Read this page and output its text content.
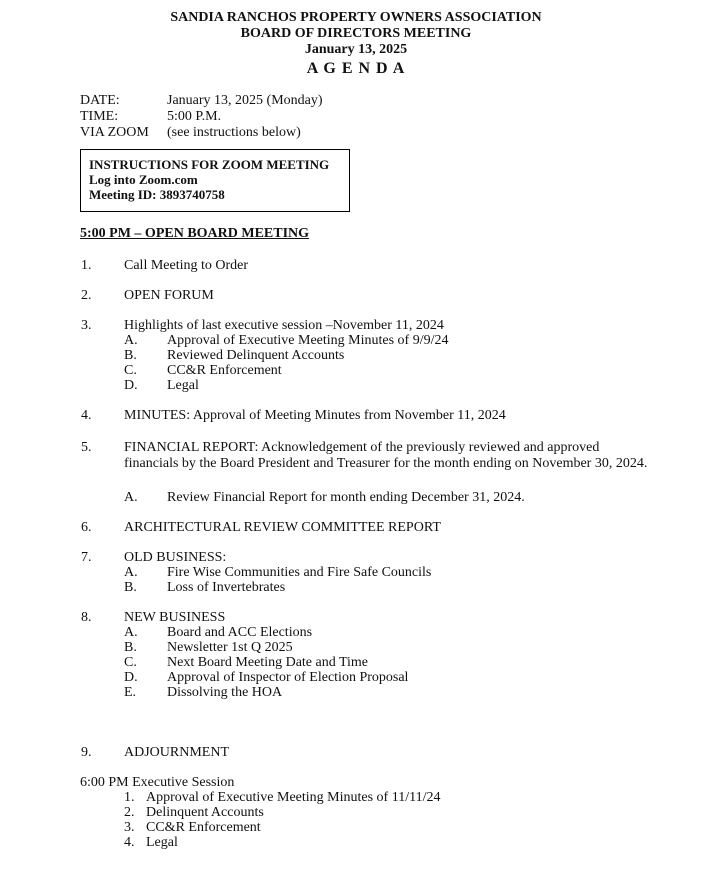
SANDIA RANCHOS PROPERTY OWNERS ASSOCIATION
BOARD OF DIRECTORS MEETING
January 13, 2025
A G E N D A
DATE:	January 13, 2025 (Monday)
TIME:	5:00 P.M.
VIA ZOOM (see instructions below)
INSTRUCTIONS FOR ZOOM MEETING
Log into Zoom.com
Meeting ID: 3893740758
5:00 PM – OPEN BOARD MEETING
1. Call Meeting to Order
2. OPEN FORUM
3. Highlights of last executive session –November 11, 2024
A. Approval of Executive Meeting Minutes of 9/9/24
B. Reviewed Delinquent Accounts
C. CC&R Enforcement
D. Legal
4. MINUTES: Approval of Meeting Minutes from November 11, 2024
5. FINANCIAL REPORT: Acknowledgement of the previously reviewed and approved
financials by the Board President and Treasurer for the month ending on November 30, 2024.
A. Review Financial Report for month ending December 31, 2024.
6. ARCHITECTURAL REVIEW COMMITTEE REPORT
7. OLD BUSINESS:
A. Fire Wise Communities and Fire Safe Councils
B. Loss of Invertebrates
8. NEW BUSINESS
A. Board and ACC Elections
B. Newsletter 1st Q 2025
C. Next Board Meeting Date and Time
D. Approval of Inspector of Election Proposal
E. Dissolving the HOA
9. ADJOURNMENT
6:00 PM Executive Session
1. Approval of Executive Meeting Minutes of 11/11/24
2. Delinquent Accounts
3. CC&R Enforcement
4. Legal
